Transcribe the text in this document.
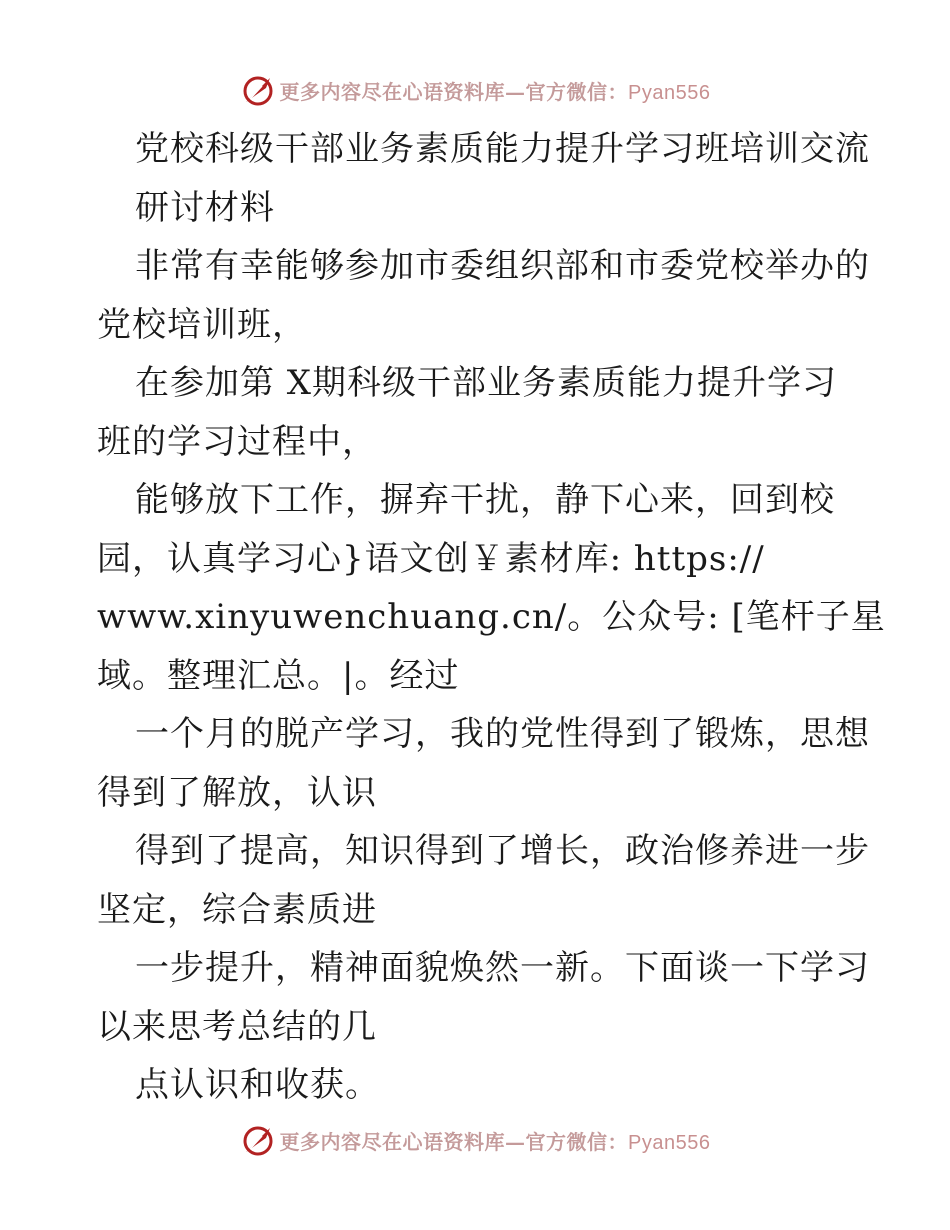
更多内容尽在心语资料库—官方微信：Pyan556
党校科级干部业务素质能力提升学习班培训交流
研讨材料
非常有幸能够参加市委组织部和市委党校举办的
党校培训班，
在参加第 X期科级干部业务素质能力提升学习
班的学习过程中，
能够放下工作，摒弃干扰，静下心来，回到校
园，认真学习心}语文创￥素材库: https://
www.xinyuwenchuang.cn/。公众号: [笔杆子星
域。整理汇总。|。经过
一个月的脱产学习，我的党性得到了锻炼，思想
得到了解放，认识
得到了提高，知识得到了增长，政治修养进一步
坚定，综合素质进
一步提升，精神面貌焕然一新。下面谈一下学习
以来思考总结的几
点认识和收获。
更多内容尽在心语资料库—官方微信：Pyan556
